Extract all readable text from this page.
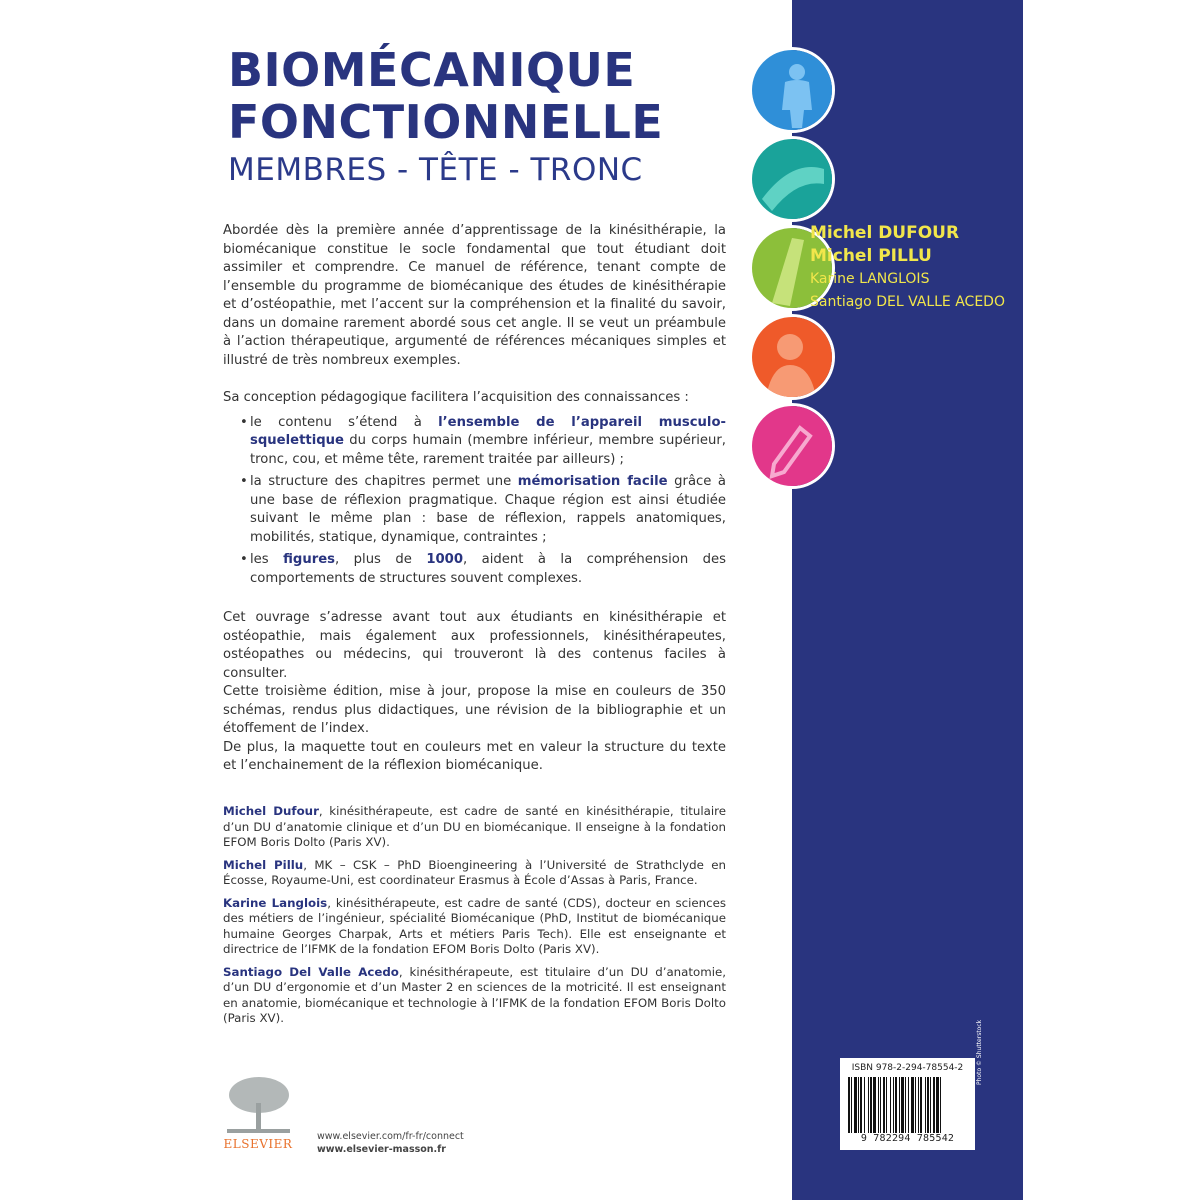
BIOMÉCANIQUE
FONCTIONNELLE
MEMBRES - TÊTE - TRONC

Abordée dès la première année d’apprentissage de la kinésithérapie, la biomécanique constitue le socle fondamental que tout étudiant doit assimiler et comprendre. Ce manuel de référence, tenant compte de l’ensemble du programme de biomécanique des études de kinésithérapie et d’ostéopathie, met l’accent sur la compréhension et la finalité du savoir, dans un domaine rarement abordé sous cet angle. Il se veut un préambule à l’action thérapeutique, argumenté de références mécaniques simples et illustré de très nombreux exemples.

Sa conception pédagogique facilitera l’acquisition des connaissances :

• le contenu s’étend à l’ensemble de l’appareil musculo-squelettique du corps humain (membre inférieur, membre supérieur, tronc, cou, et même tête, rarement traitée par ailleurs) ;
• la structure des chapitres permet une mémorisation facile grâce à une base de réflexion pragmatique. Chaque région est ainsi étudiée suivant le même plan : base de réflexion, rappels anatomiques, mobilités, statique, dynamique, contraintes ;
• les figures, plus de 1000, aident à la compréhension des comportements de structures souvent complexes.

Cet ouvrage s’adresse avant tout aux étudiants en kinésithérapie et ostéopathie, mais également aux professionnels, kinésithérapeutes, ostéopathes ou médecins, qui trouveront là des contenus faciles à consulter.

Cette troisième édition, mise à jour, propose la mise en couleurs de 350 schémas, rendus plus didactiques, une révision de la bibliographie et un étoffement de l’index.

De plus, la maquette tout en couleurs met en valeur la structure du texte et l’enchainement de la réflexion biomécanique.

Michel Dufour, kinésithérapeute, est cadre de santé en kinésithérapie, titulaire d’un DU d’anatomie clinique et d’un DU en biomécanique. Il enseigne à la fondation EFOM Boris Dolto (Paris XV).

Michel Pillu, MK – CSK – PhD Bioengineering à l’Université de Strathclyde en Écosse, Royaume-Uni, est coordinateur Erasmus à École d’Assas à Paris, France.

Karine Langlois, kinésithérapeute, est cadre de santé (CDS), docteur en sciences des métiers de l’ingénieur, spécialité Biomécanique (PhD, Institut de biomécanique humaine Georges Charpak, Arts et métiers Paris Tech). Elle est enseignante et directrice de l’IFMK de la fondation EFOM Boris Dolto (Paris XV).

Santiago Del Valle Acedo, kinésithérapeute, est titulaire d’un DU d’anatomie, d’un DU d’ergonomie et d’un Master 2 en sciences de la motricité. Il est enseignant en anatomie, biomécanique et technologie à l’IFMK de la fondation EFOM Boris Dolto (Paris XV).

Michel DUFOUR
Michel PILLU
Karine LANGLOIS
Santiago DEL VALLE ACEDO
ISBN 978-2-294-78554-2
9 782294 785542
Photo © Shutterstock
ELSEVIER
www.elsevier.com/fr-fr/connect
www.elsevier-masson.fr
